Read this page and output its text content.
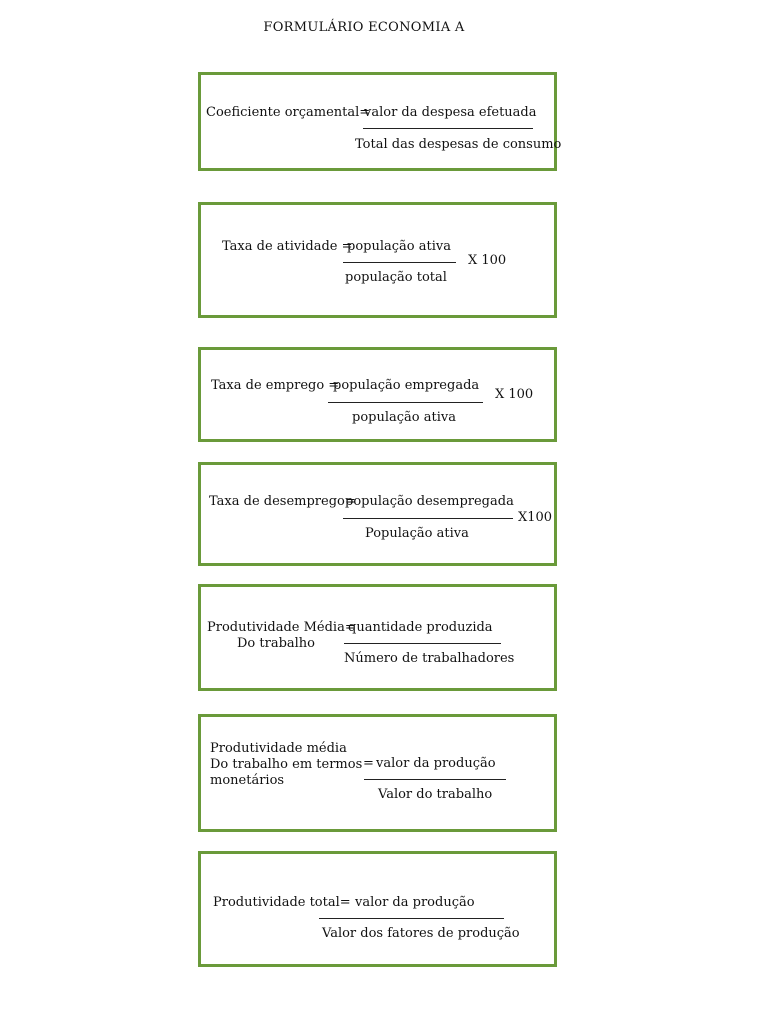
FORMULÁRIO ECONOMIA A
Coeficiente orçamental=
valor da despesa efetuada
Total das despesas de consumo
Taxa de atividade =
população ativa
X 100
população total
Taxa de emprego =
população empregada
X 100
população ativa
Taxa de desemprego=
população desempregada
X100
População ativa
Produtividade Média=
Do trabalho
quantidade produzida
Número de trabalhadores
Produtividade média
Do trabalho em termos
monetários
= valor da produção
Valor do trabalho
Produtividade total= valor da produção
Valor dos fatores de produção
